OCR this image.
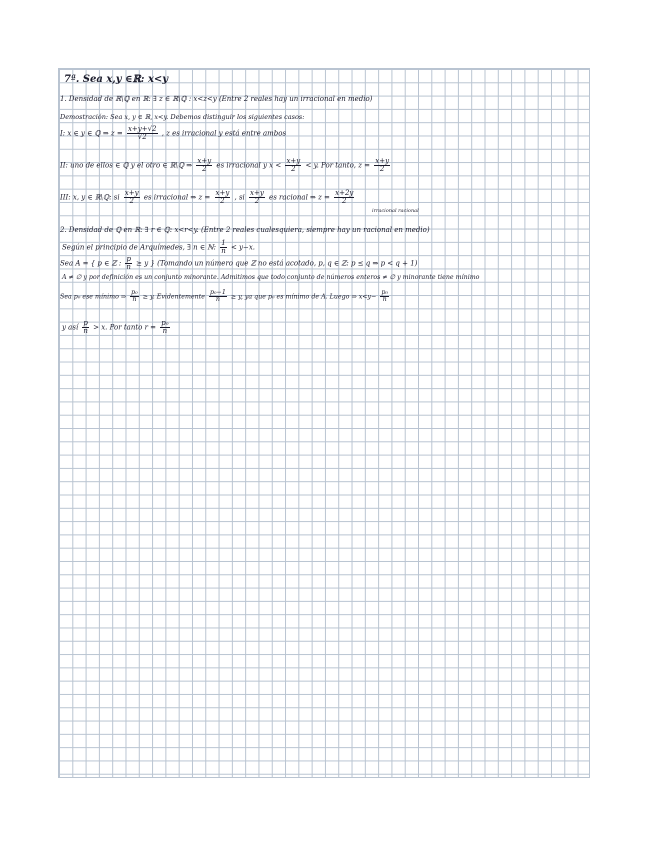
7ª. Sea x,y ∈ℝ: x<y
1. Densidad de ℝ\ℚ en ℝ: ∃ z ∈ ℝ\ℚ : x<z<y (Entre 2 reales hay un irracional en medio)
Demostración: Sea x, y ∈ ℝ, x<y. Debemos distinguir los siguientes casos:
I: x ∈ y ∈ ℚ ⇒ $z = \frac{x+y+√2}{√2}$ , z es irracional y está entre ambos
II: uno de ellos ∈ ℚ y el otro ∈ ℝ\ℚ ⇒ $\frac{x+y}{2}$ es irracional y $x < \frac{x+y}{2} < y$. Por tanto, $z = \frac{x+y}{2}$
III: x, y ∈ ℝ\ℚ: si $\frac{x+y}{2}$ es irracional ⇒ $z = \frac{x+y}{2}$ , si $\frac{x+y}{2}$ es racional ⇒ $z = \frac{x+2y}{2}$
irracional racional
2. Densidad de ℚ en ℝ: ∃ r ∈ ℚ: x<r<y. (Entre 2 reales cualesquiera, siempre hay un racional en medio)
Según el principio de Arquímedes, ∃ n ∈ ℕ: $\frac{1}{n} < y-x$.
Sea A = { p ∈ ℤ : $\frac{p}{n} \ge y$ } (Tomando un número que ℤ no está acotado, p, q ∈ ℤ: p ≤ q ⇒ p < q + 1)
A ≠ ∅ y por definición es un conjunto minorante. Admitimos que todo conjunto de números enteros ≠ ∅ y minorante tiene mínimo
Sea p₀ ese mínimo ⇒ $\frac{\text{p₀}}{n} \ge y$. Evidentemente $\frac{\text{p₀−1}}{n} \ge y$, ya que p₀ es mínimo de A. Luego ⇒ $x<y- \frac{\text{p₀}}{n}$
y así $\frac{p}{n} > x$. Por tanto $r = \frac{\text{p₀}}{n}$
